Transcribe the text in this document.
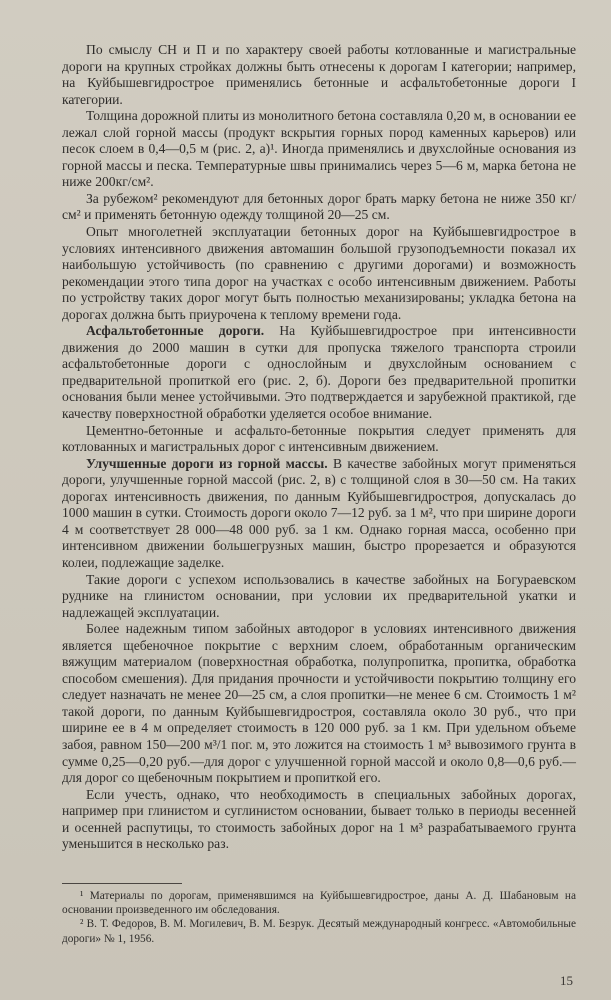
По смыслу СН и П и по характеру своей работы котлованные и магистральные дороги на крупных стройках должны быть отнесены к дорогам I категории; например, на Куйбышевгидрострое применялись бетонные и асфальтобетонные дороги I категории.

Толщина дорожной плиты из монолитного бетона составляла 0,20 м, в основании ее лежал слой горной массы (продукт вскрытия горных пород каменных карьеров) или песок слоем в 0,4—0,5 м (рис. 2, а)¹. Иногда применялись и двухслойные основания из горной массы и песка. Температурные швы принимались через 5—6 м, марка бетона не ниже 200кг/см².

За рубежом² рекомендуют для бетонных дорог брать марку бетона не ниже 350 кг/см² и применять бетонную одежду толщиной 20—25 см.

Опыт многолетней эксплуатации бетонных дорог на Куйбышевгидрострое в условиях интенсивного движения автомашин большой грузоподъемности показал их наибольшую устойчивость (по сравнению с другими дорогами) и возможность рекомендации этого типа дорог на участках с особо интенсивным движением. Работы по устройству таких дорог могут быть полностью механизированы; укладка бетона на дорогах должна быть приурочена к теплому времени года.

Асфальтобетонные дороги. На Куйбышевгидрострое при интенсивности движения до 2000 машин в сутки для пропуска тяжелого транспорта строили асфальтобетонные дороги с однослойным и двухслойным основанием с предварительной пропиткой его (рис. 2, б). Дороги без предварительной пропитки основания были менее устойчивыми. Это подтверждается и зарубежной практикой, где качеству поверхностной обработки уделяется особое внимание.

Цементно-бетонные и асфальто-бетонные покрытия следует применять для котлованных и магистральных дорог с интенсивным движением.

Улучшенные дороги из горной массы. В качестве забойных могут применяться дороги, улучшенные горной массой (рис. 2, в) с толщиной слоя в 30—50 см. На таких дорогах интенсивность движения, по данным Куйбышевгидростроя, допускалась до 1000 машин в сутки. Стоимость дороги около 7—12 руб. за 1 м², что при ширине дороги 4 м соответствует 28 000—48 000 руб. за 1 км. Однако горная масса, особенно при интенсивном движении большегрузных машин, быстро прорезается и образуются колеи, подлежащие заделке.

Такие дороги с успехом использовались в качестве забойных на Богураевском руднике на глинистом основании, при условии их предварительной укатки и надлежащей эксплуатации.

Более надежным типом забойных автодорог в условиях интенсивного движения является щебеночное покрытие с верхним слоем, обработанным органическим вяжущим материалом (поверхностная обработка, полупропитка, пропитка, обработка способом смешения). Для придания прочности и устойчивости покрытию толщину его следует назначать не менее 20—25 см, а слоя пропитки—не менее 6 см. Стоимость 1 м² такой дороги, по данным Куйбышевгидростроя, составляла около 30 руб., что при ширине ее в 4 м определяет стоимость в 120 000 руб. за 1 км. При удельном объеме забоя, равном 150—200 м³/1 пог. м, это ложится на стоимость 1 м³ вывозимого грунта в сумме 0,25—0,20 руб.—для дорог с улучшенной горной массой и около 0,8—0,6 руб.—для дорог со щебеночным покрытием и пропиткой его.

Если учесть, однако, что необходимость в специальных забойных дорогах, например при глинистом и суглинистом основании, бывает только в периоды весенней и осенней распутицы, то стоимость забойных дорог на 1 м³ разрабатываемого грунта уменьшится в несколько раз.

¹ Материалы по дорогам, применявшимся на Куйбышевгидрострое, даны А. Д. Шабановым на основании произведенного им обследования.

² В. Т. Федоров, В. М. Могилевич, В. М. Безрук. Десятый международный конгресс. «Автомобильные дороги» № 1, 1956.

15
